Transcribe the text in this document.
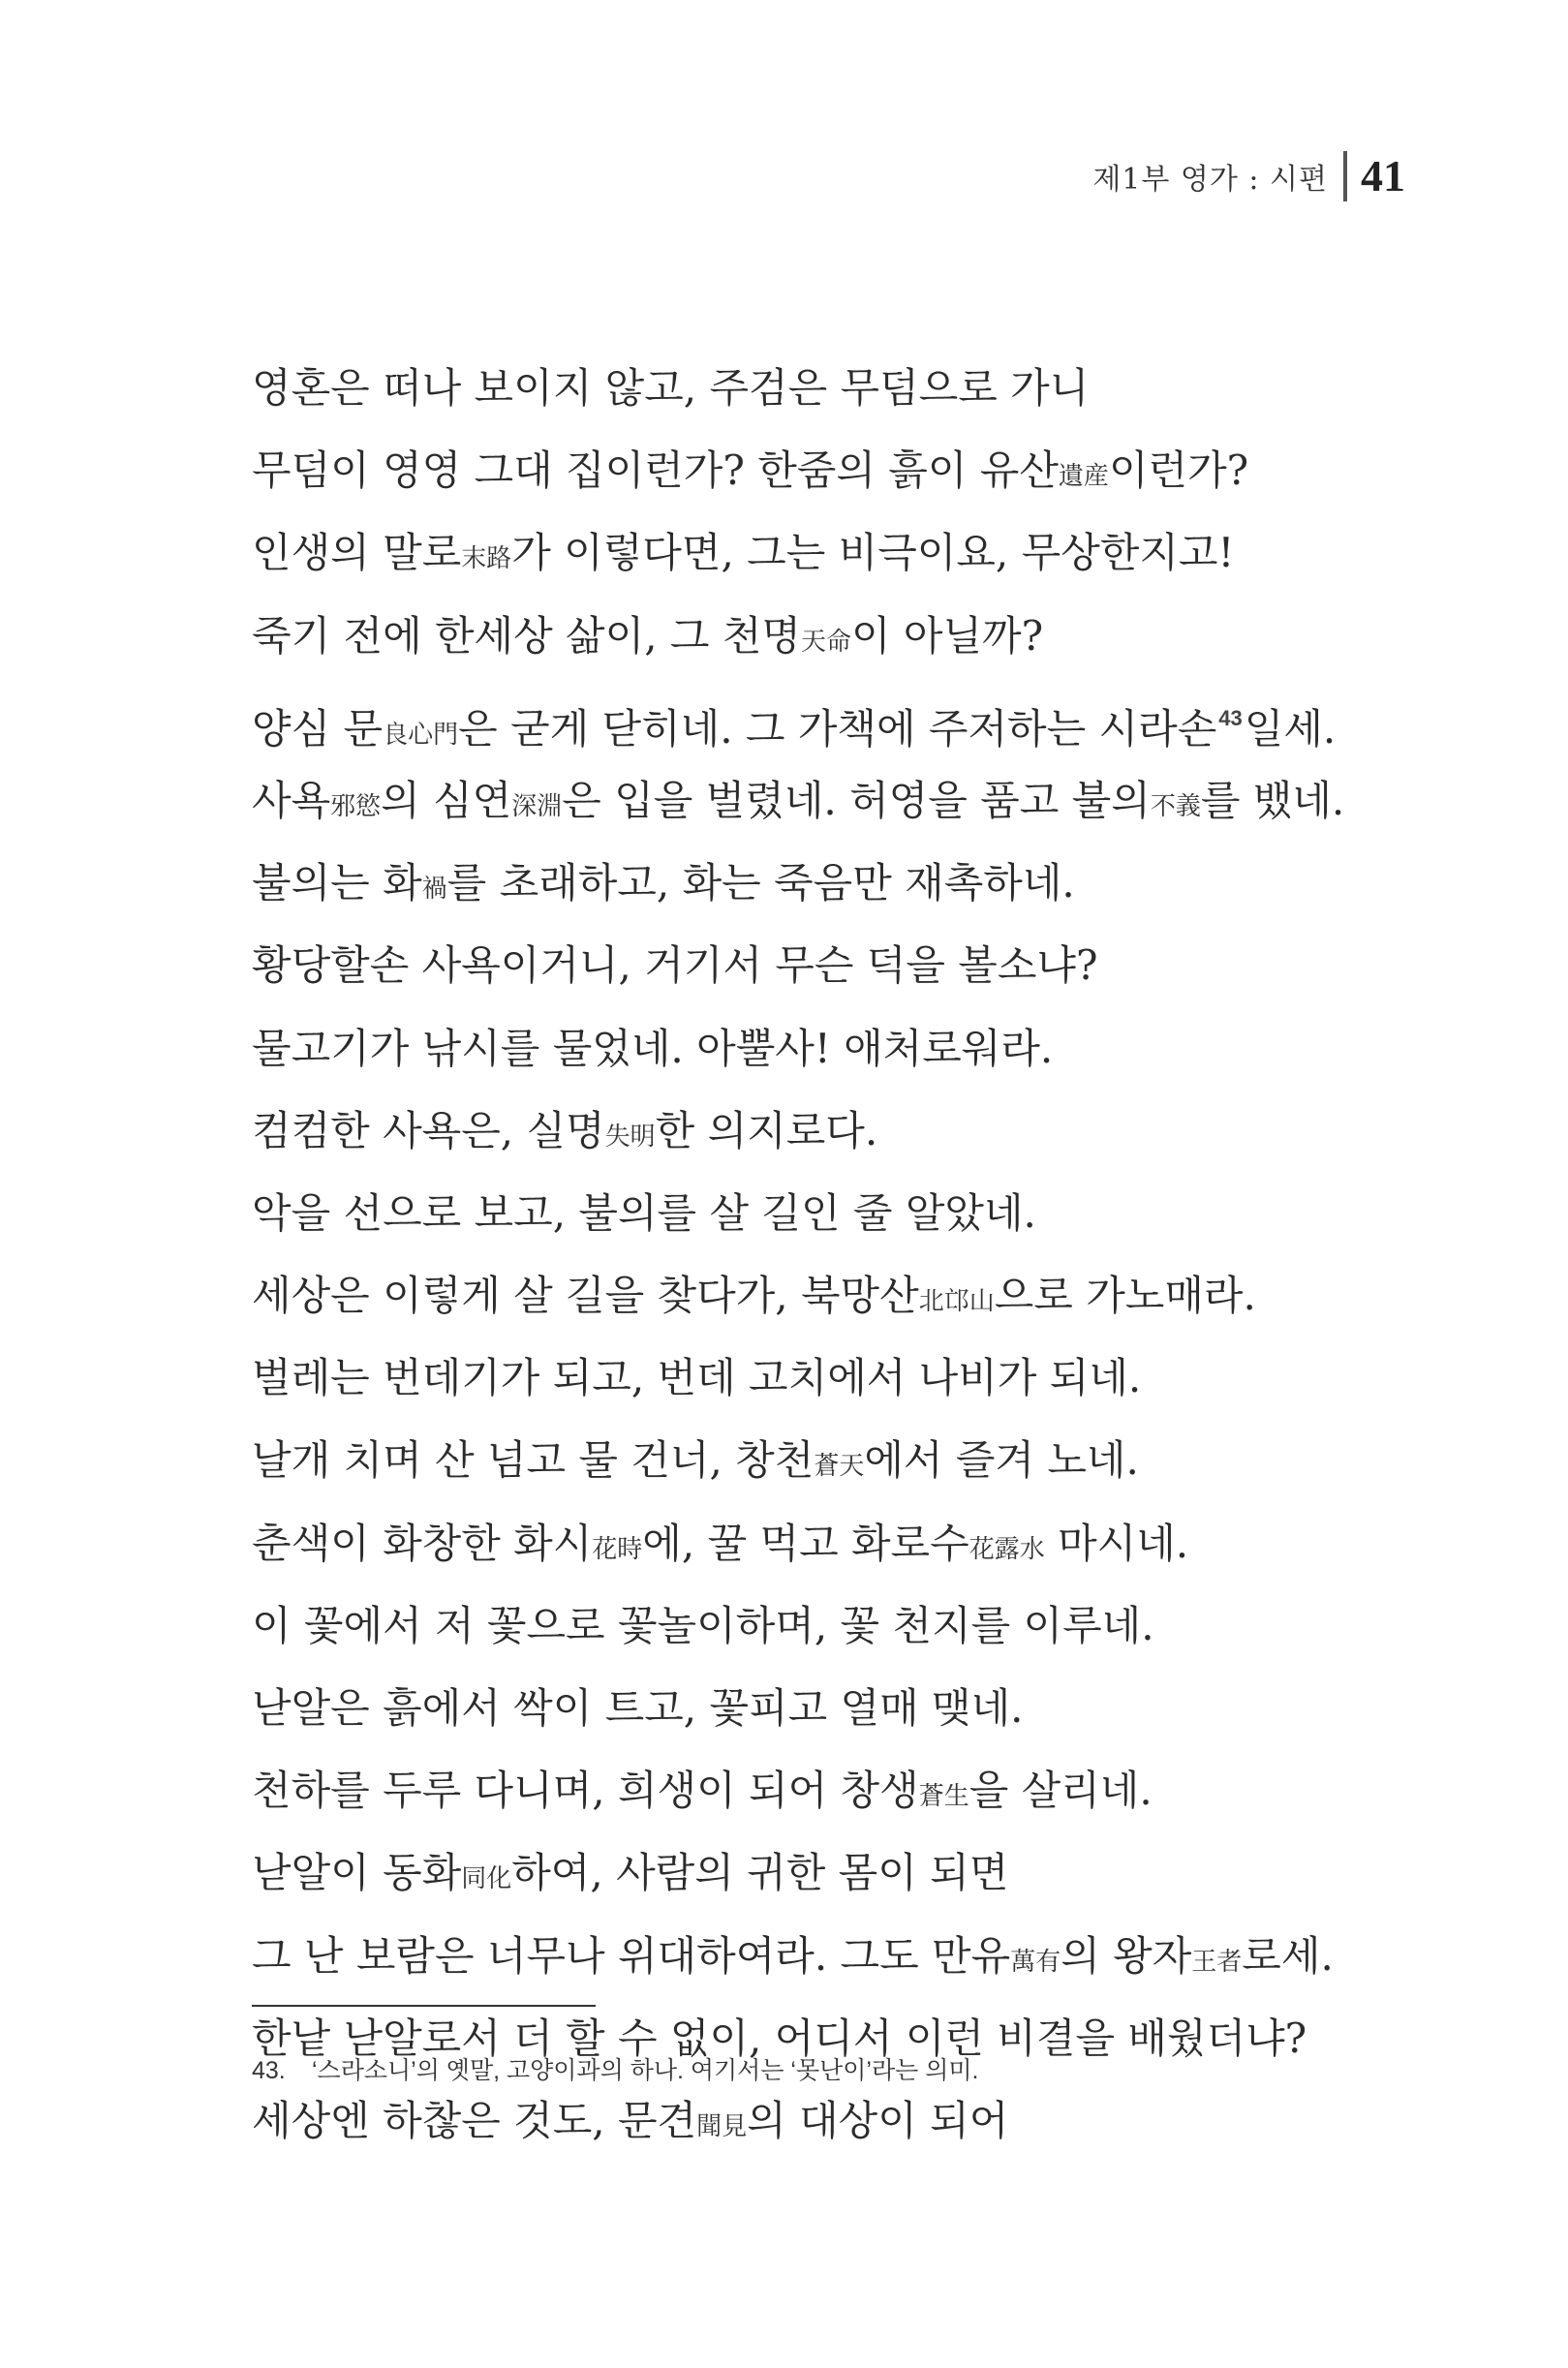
제1부 영가 : 시편 41
영혼은 떠나 보이지 않고, 주검은 무덤으로 가니
무덤이 영영 그대 집이런가? 한줌의 흙이 유산遺産이런가?
인생의 말로末路가 이렇다면, 그는 비극이요, 무상한지고!
죽기 전에 한세상 삶이, 그 천명天命이 아닐까?
양심 문良心門은 굳게 닫히네. 그 가책에 주저하는 시라손$^{43}$일세.
사욕邪慾의 심연深淵은 입을 벌렸네. 허영을 품고 불의不義를 뱄네.
불의는 화禍를 초래하고, 화는 죽음만 재촉하네.
황당할손 사욕이거니, 거기서 무슨 덕을 볼소냐?
물고기가 낚시를 물었네. 아뿔사! 애처로워라.
컴컴한 사욕은, 실명失明한 의지로다.
악을 선으로 보고, 불의를 살 길인 줄 알았네.
세상은 이렇게 살 길을 찾다가, 북망산北邙山으로 가노매라.
벌레는 번데기가 되고, 번데 고치에서 나비가 되네.
날개 치며 산 넘고 물 건너, 창천蒼天에서 즐겨 노네.
춘색이 화창한 화시花時에, 꿀 먹고 화로수花露水 마시네.
이 꽃에서 저 꽃으로 꽃놀이하며, 꽃 천지를 이루네.
낟알은 흙에서 싹이 트고, 꽃피고 열매 맺네.
천하를 두루 다니며, 희생이 되어 창생蒼生을 살리네.
낟알이 동화同化하여, 사람의 귀한 몸이 되면
그 난 보람은 너무나 위대하여라. 그도 만유萬有의 왕자王者로세.
한낱 낟알로서 더 할 수 없이, 어디서 이런 비결을 배웠더냐?
세상엔 하찮은 것도, 문견聞見의 대상이 되어
43. ‘스라소니’의 옛말, 고양이과의 하나. 여기서는 ‘못난이’라는 의미.
